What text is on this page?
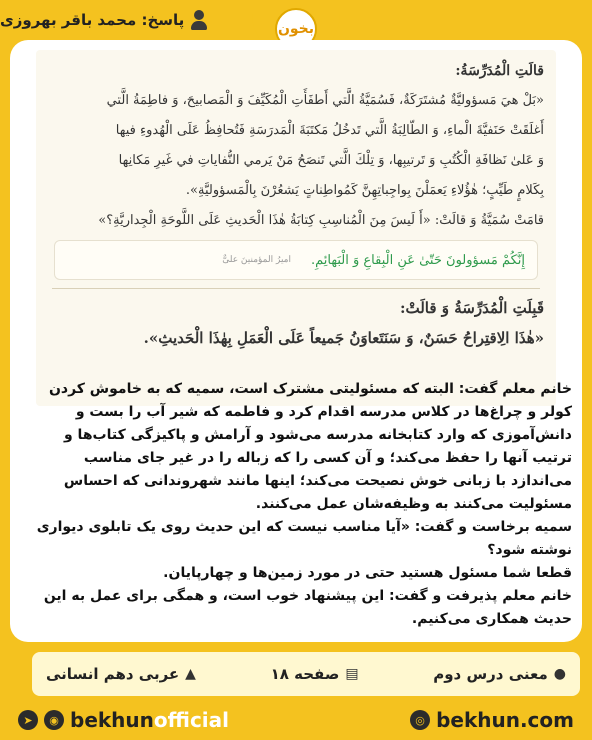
پاسخ: محمد باقر بهروزی	بخون
قالَتِ الْمُدَرِّسَةُ:
«بَلْ هيَ مَسؤوليَّةٌ مُشتَرَكَةٌ، فَسُمَيَّةُ الَّتي أَطفَأَتِ الْمُكَيِّفَ وَ الْمَصابيحَ، وَ فاطِمَةُ الَّتي
أَغلَقَتْ حَنَفيَّةَ الْماءِ، وَ الطّالِبَةُ الَّتي تَدخُلُ مَكتَبَةَ الْمَدرَسَةِ فَتُحافِظُ عَلَى الْهُدوءِ فيها
وَ عَلىٰ نَظافَةِ الْكُتُبِ وَ تَرتيبِها، وَ تِلْكَ الَّتي تَنصَحُ مَنْ يَرمي النُّفاياتِ في غَيرِ مَكانِها
بِكَلامٍ طَيِّبٍ؛ هٰؤُلاءِ يَعمَلْنَ بِواجِباتِهِنَّ كَمُواطِناتٍ يَشعُرْنَ بِالْمَسؤوليَّةِ».
قامَتْ سُمَيَّةُ وَ قالَتْ: «أَ لَيسَ مِنَ الْمُناسِبِ كِتابَةُ هٰذَا الْحَديثِ عَلَى اللَّوحَةِ الْجِداريَّةِ؟»
إِنَّكُمْ مَسؤولونَ حَتّىٰ عَنِ الْبِقاعِ وَ الْبَهائِمِ.
امیرُ المؤمنینَ علیٌّ
قَبِلَتِ الْمُدَرِّسَةُ وَ قالَتْ:
«هٰذَا الِاقتِراحُ حَسَنٌ، وَ سَنَتَعاوَنُ جَميعاً عَلَى الْعَمَلِ بِهٰذَا الْحَديثِ».

خانم معلم گفت: البته که مسئولیتی مشترک است، سمیه که به خاموش کردن کولر و چراغ‌ها در کلاس مدرسه اقدام کرد و فاطمه که شیر آب را بست و دانش‌آموزی که وارد کتابخانه مدرسه می‌شود و آرامش و پاکیزگی کتاب‌ها و ترتیب آنها را حفظ می‌کند؛ و آن کسی را که زباله را در غیر جای مناسب می‌اندازد با زبانی خوش نصیحت می‌کند؛ اینها مانند شهروندانی که احساس مسئولیت می‌کنند به وظیفه‌شان عمل می‌کنند.

سمیه برخاست و گفت: «آیا مناسب نیست که این حدیث روی یک تابلوی دیواری نوشته شود؟

قطعا شما مسئول هستید حتی در مورد زمین‌ها و چهارپایان.

خانم معلم پذیرفت و گفت: این پیشنهاد خوب است، و همگی برای عمل به این حدیث همکاری می‌کنیم.

●
معنی درس دوم
▤
صفحه ۱۸
▲
عربی دهم انسانی
➤	◉ bekhunofficial	◎ bekhun.com
